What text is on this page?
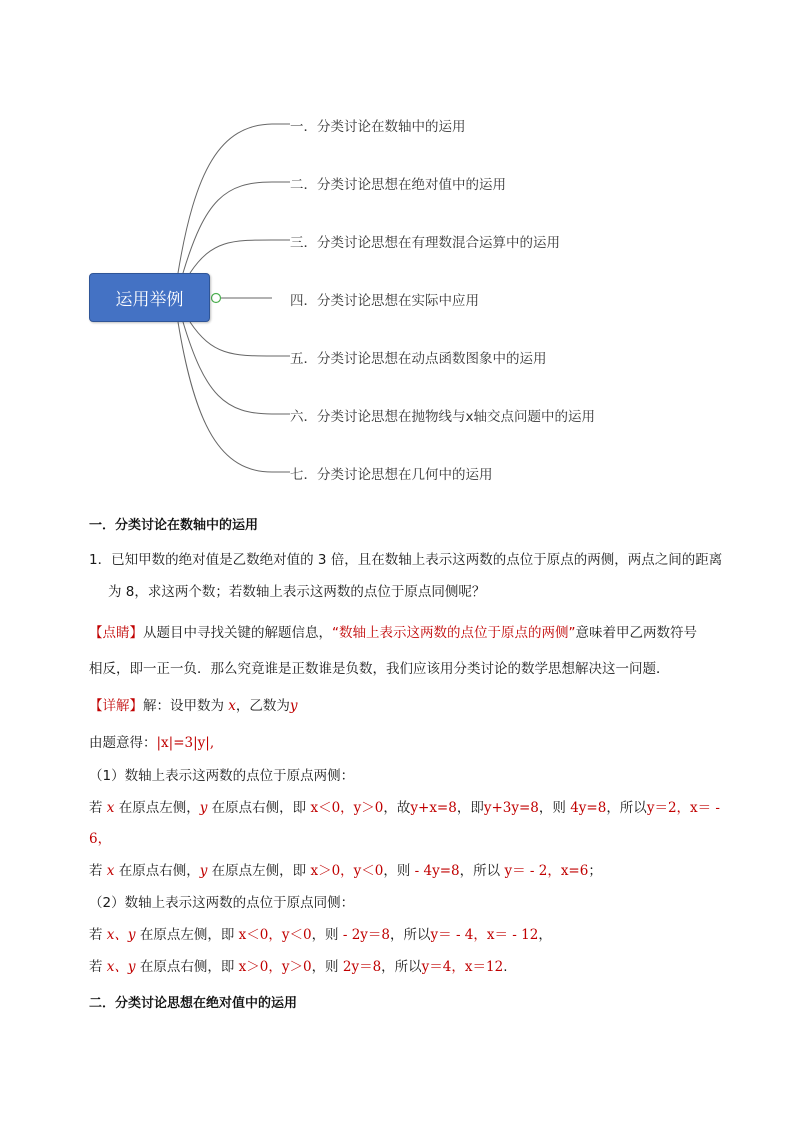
运用举例
一．分类讨论在数轴中的运用
二．分类讨论思想在绝对值中的运用
三．分类讨论思想在有理数混合运算中的运用
四．分类讨论思想在实际中应用
五．分类讨论思想在动点函数图象中的运用
六．分类讨论思想在抛物线与x轴交点问题中的运用
七．分类讨论思想在几何中的运用
一．分类讨论在数轴中的运用
1．已知甲数的绝对值是乙数绝对值的 3 倍，且在数轴上表示这两数的点位于原点的两侧，两点之间的距离
为 8，求这两个数；若数轴上表示这两数的点位于原点同侧呢？
【点睛】从题目中寻找关键的解题信息，“数轴上表示这两数的点位于原点的两侧”意味着甲乙两数符号
相反，即一正一负．那么究竟谁是正数谁是负数，我们应该用分类讨论的数学思想解决这一问题．
【详解】解：设甲数为 x，乙数为y
由题意得：|x|=3|y|,
（1）数轴上表示这两数的点位于原点两侧：
若 x 在原点左侧，y 在原点右侧，即 x＜0，y＞0，故y+x=8，即y+3y=8，则 4y=8，所以y＝2，x＝ -
6，
若 x 在原点右侧，y 在原点左侧，即 x＞0，y＜0，则 - 4y=8，所以 y＝ - 2，x=6；
（2）数轴上表示这两数的点位于原点同侧：
若 x、y 在原点左侧，即 x＜0，y＜0，则 - 2y＝8，所以y＝ - 4，x＝ - 12，
若 x、y 在原点右侧，即 x＞0，y＞0，则 2y＝8，所以y＝4，x＝12.
二．分类讨论思想在绝对值中的运用
